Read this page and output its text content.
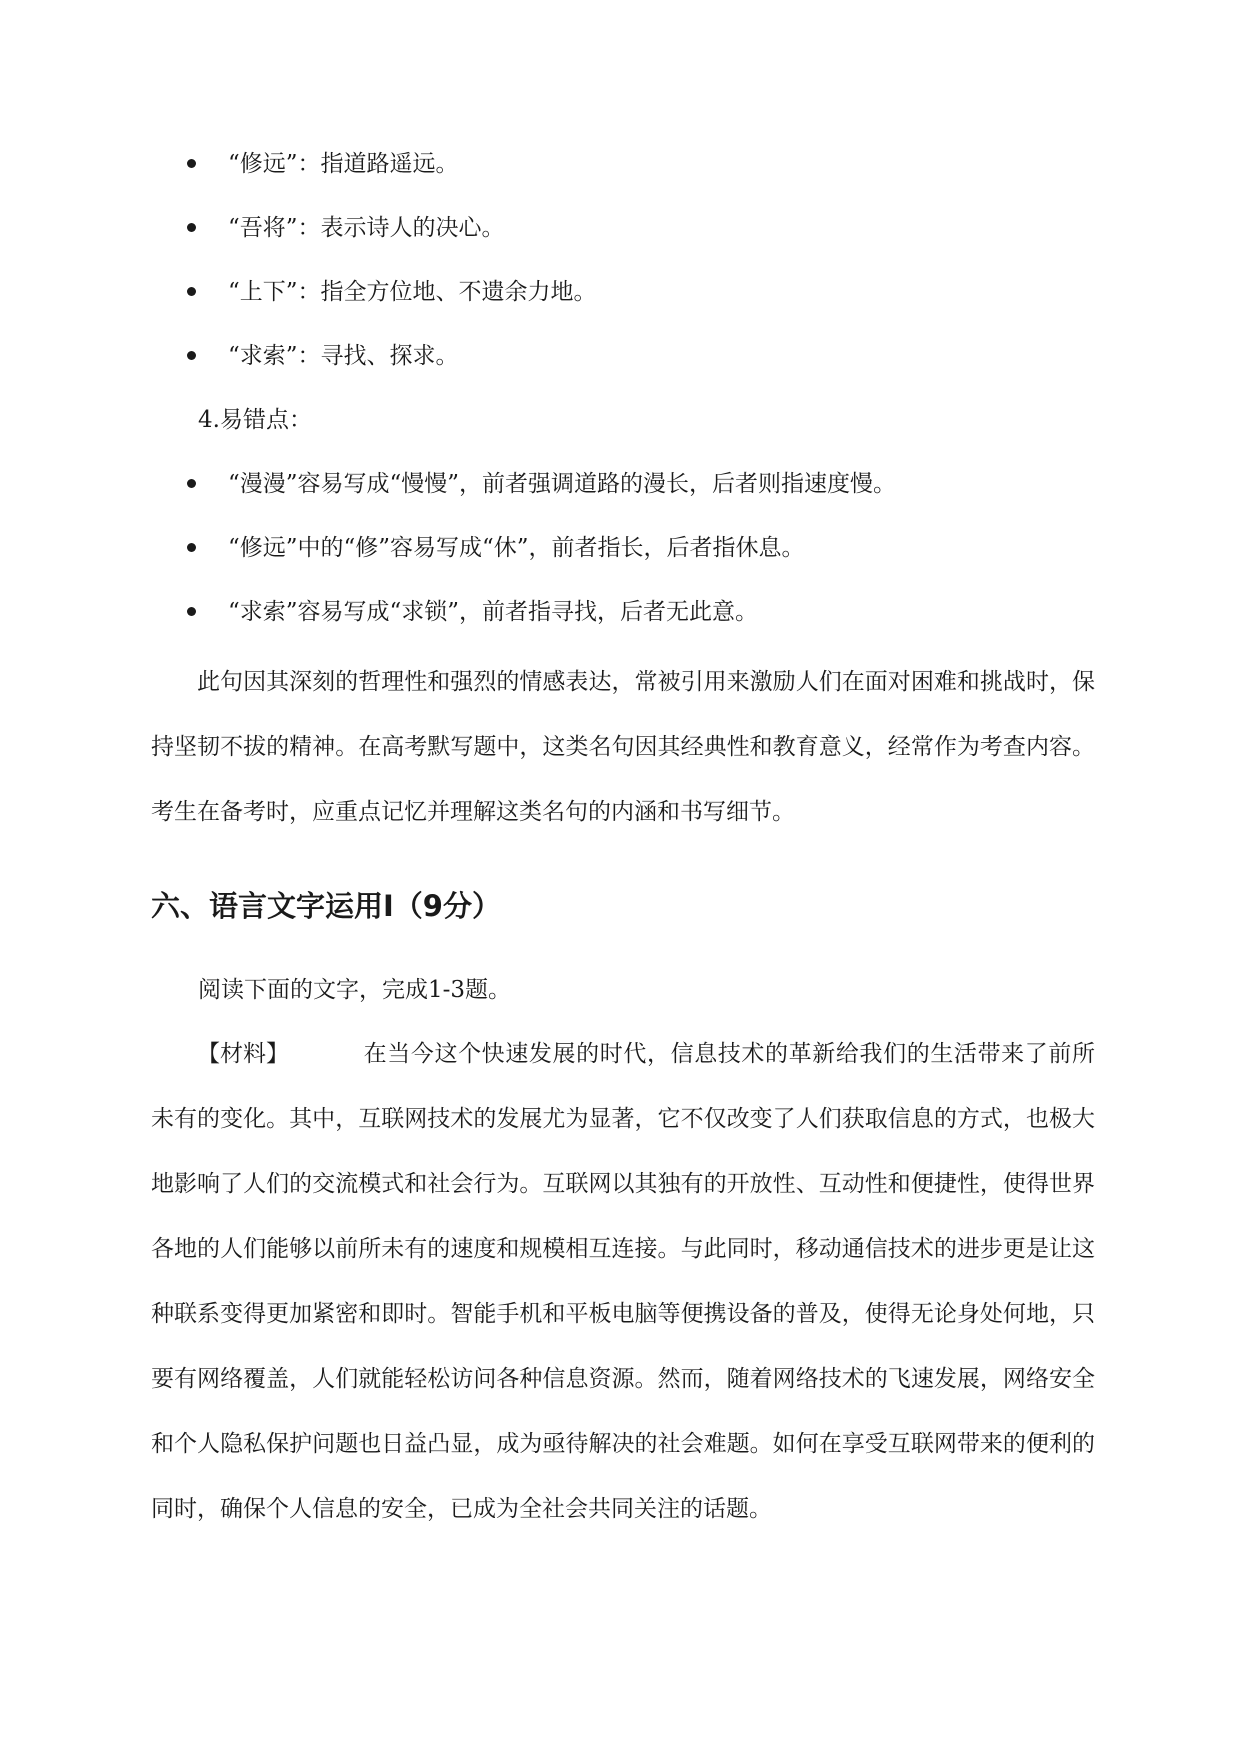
“修远”：指道路遥远。
“吾将”：表示诗人的决心。
“上下”：指全方位地、不遗余力地。
“求索”：寻找、探求。
4.易错点：
“漫漫”容易写成“慢慢”，前者强调道路的漫长，后者则指速度慢。
“修远”中的“修”容易写成“休”，前者指长，后者指休息。
“求索”容易写成“求锁”，前者指寻找，后者无此意。
此句因其深刻的哲理性和强烈的情感表达，常被引用来激励人们在面对困难和挑战时，保持坚韧不拔的精神。在高考默写题中，这类名句因其经典性和教育意义，经常作为考查内容。考生在备考时，应重点记忆并理解这类名句的内涵和书写细节。
六、语言文字运用Ⅰ（9分）
阅读下面的文字，完成1-3题。
【材料】	在当今这个快速发展的时代，信息技术的革新给我们的生活带来了前所未有的变化。其中，互联网技术的发展尤为显著，它不仅改变了人们获取信息的方式，也极大地影响了人们的交流模式和社会行为。互联网以其独有的开放性、互动性和便捷性，使得世界各地的人们能够以前所未有的速度和规模相互连接。与此同时，移动通信技术的进步更是让这种联系变得更加紧密和即时。智能手机和平板电脑等便携设备的普及，使得无论身处何地，只要有网络覆盖，人们就能轻松访问各种信息资源。然而，随着网络技术的飞速发展，网络安全和个人隐私保护问题也日益凸显，成为亟待解决的社会难题。如何在享受互联网带来的便利的同时，确保个人信息的安全，已成为全社会共同关注的话题。
